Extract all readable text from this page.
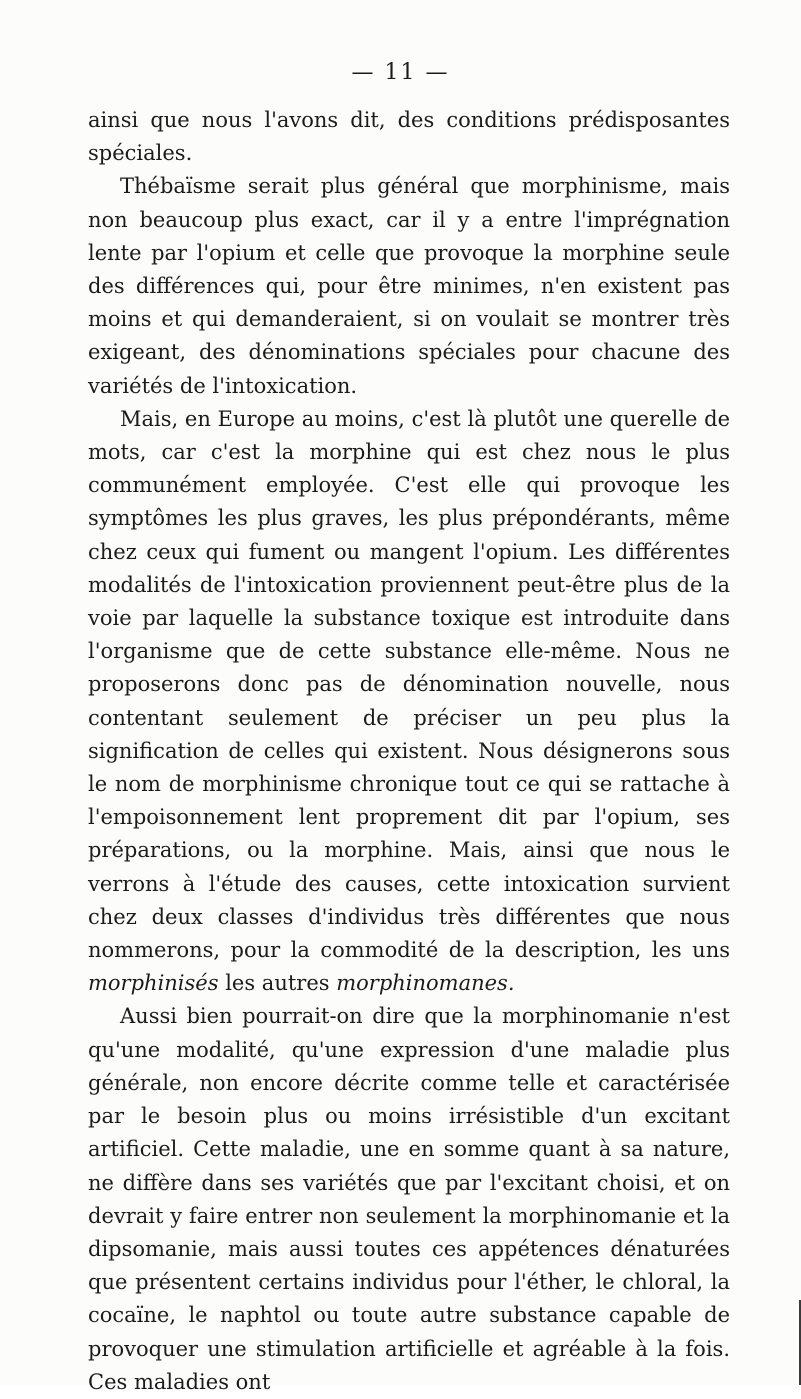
— 11 —

ainsi que nous l'avons dit, des conditions prédisposantes spéciales.

Thébaïsme serait plus général que morphinisme, mais non beaucoup plus exact, car il y a entre l'imprégnation lente par l'opium et celle que provoque la morphine seule des différences qui, pour être minimes, n'en existent pas moins et qui demanderaient, si on voulait se montrer très exigeant, des dénominations spéciales pour chacune des variétés de l'intoxication.

Mais, en Europe au moins, c'est là plutôt une querelle de mots, car c'est la morphine qui est chez nous le plus communément employée. C'est elle qui provoque les symptômes les plus graves, les plus prépondérants, même chez ceux qui fument ou mangent l'opium. Les différentes modalités de l'intoxication proviennent peut-être plus de la voie par laquelle la substance toxique est introduite dans l'organisme que de cette substance elle-même. Nous ne proposerons donc pas de dénomination nouvelle, nous contentant seulement de préciser un peu plus la signification de celles qui existent. Nous désignerons sous le nom de morphinisme chronique tout ce qui se rattache à l'empoisonnement lent proprement dit par l'opium, ses préparations, ou la morphine. Mais, ainsi que nous le verrons à l'étude des causes, cette intoxication survient chez deux classes d'individus très différentes que nous nommerons, pour la commodité de la description, les uns morphinisés les autres morphinomanes.

Aussi bien pourrait-on dire que la morphinomanie n'est qu'une modalité, qu'une expression d'une maladie plus générale, non encore décrite comme telle et caractérisée par le besoin plus ou moins irrésistible d'un excitant artificiel. Cette maladie, une en somme quant à sa nature, ne diffère dans ses variétés que par l'excitant choisi, et on devrait y faire entrer non seulement la morphinomanie et la dipsomanie, mais aussi toutes ces appétences dénaturées que présentent certains individus pour l'éther, le chloral, la cocaïne, le naphtol ou toute autre substance capable de provoquer une stimulation artificielle et agréable à la fois. Ces maladies ont
